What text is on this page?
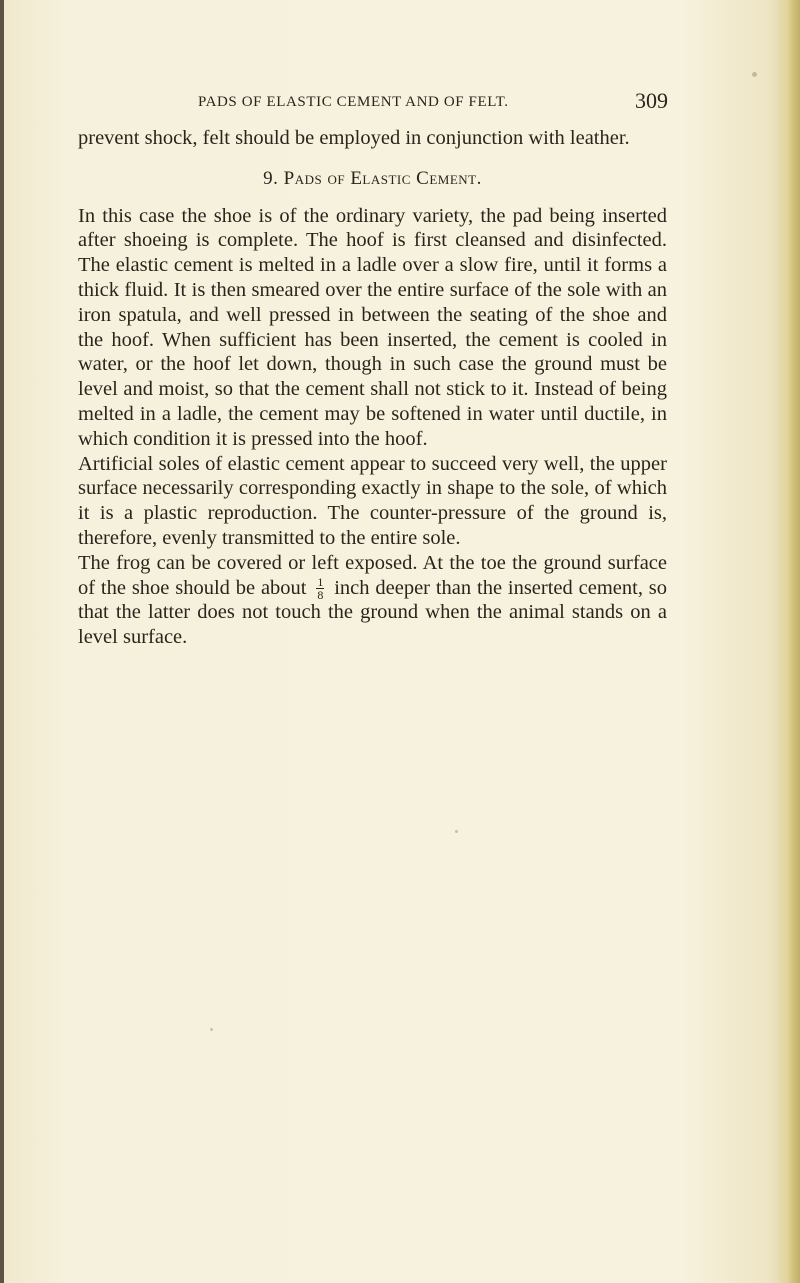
PADS OF ELASTIC CEMENT AND OF FELT.	309

prevent shock, felt should be employed in conjunction with leather.

9. Pads of Elastic Cement.

In this case the shoe is of the ordinary variety, the pad being inserted after shoeing is complete. The hoof is first cleansed and disinfected. The elastic cement is melted in a ladle over a slow fire, until it forms a thick fluid. It is then smeared over the entire surface of the sole with an iron spatula, and well pressed in between the seating of the shoe and the hoof. When sufficient has been inserted, the cement is cooled in water, or the hoof let down, though in such case the ground must be level and moist, so that the cement shall not stick to it. Instead of being melted in a ladle, the cement may be softened in water until ductile, in which condition it is pressed into the hoof.

Artificial soles of elastic cement appear to succeed very well, the upper surface necessarily corresponding exactly in shape to the sole, of which it is a plastic reproduction. The counter-pressure of the ground is, therefore, evenly transmitted to the entire sole.

The frog can be covered or left exposed. At the toe the ground surface of the shoe should be about $\frac{1}{8}$ inch deeper than the inserted cement, so that the latter does not touch the ground when the animal stands on a level surface.
